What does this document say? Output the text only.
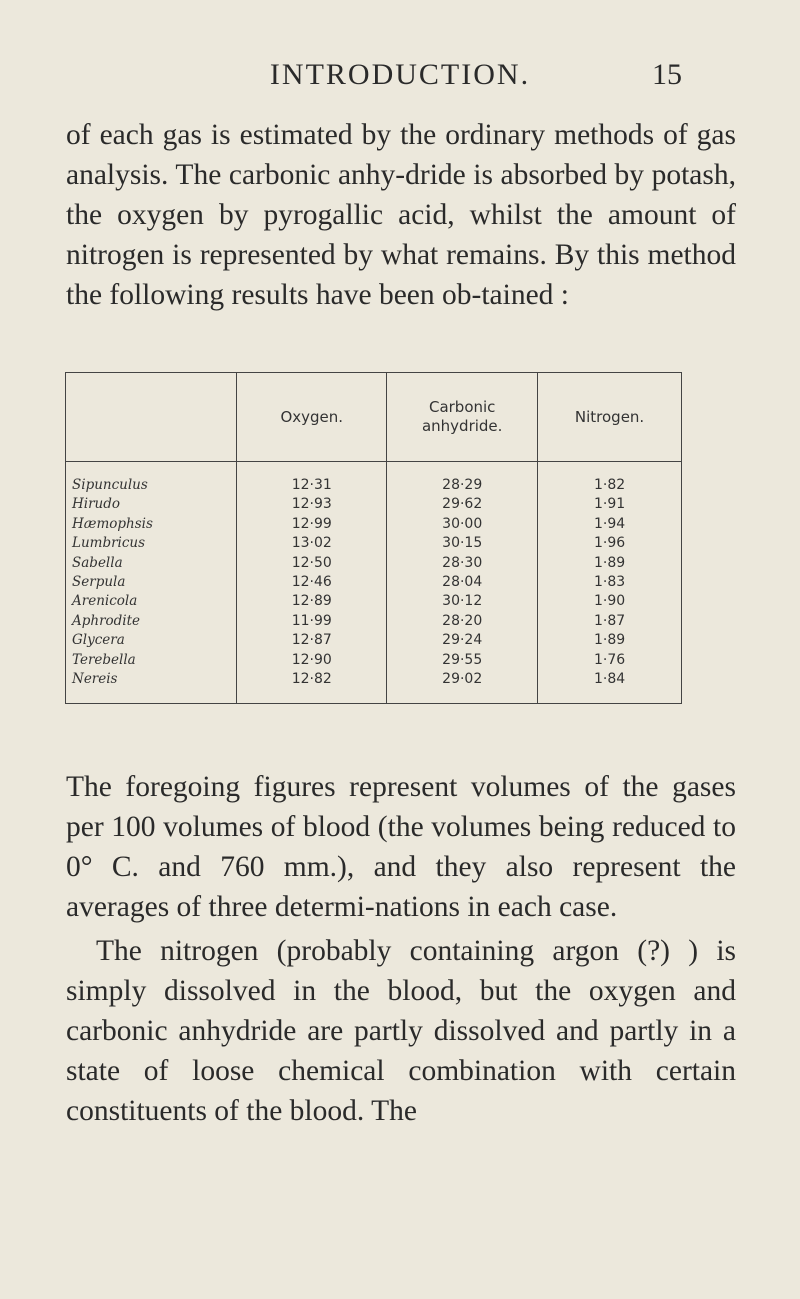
INTRODUCTION.	15

of each gas is estimated by the ordinary methods of gas analysis. The carbonic anhy-dride is absorbed by potash, the oxygen by pyrogallic acid, whilst the amount of nitrogen is represented by what remains. By this method the following results have been ob-tained :

	Oxygen.	Carbonic anhydride.	Nitrogen.
Sipunculus	12·31	28·29	1·82
Hirudo	12·93	29·62	1·91
Hæmophsis	12·99	30·00	1·94
Lumbricus	13·02	30·15	1·96
Sabella	12·50	28·30	1·89
Serpula	12·46	28·04	1·83
Arenicola	12·89	30·12	1·90
Aphrodite	11·99	28·20	1·87
Glycera	12·87	29·24	1·89
Terebella	12·90	29·55	1·76
Nereis	12·82	29·02	1·84

The foregoing figures represent volumes of the gases per 100 volumes of blood (the volumes being reduced to 0° C. and 760 mm.), and they also represent the averages of three determi-nations in each case.

The nitrogen (probably containing argon (?) ) is simply dissolved in the blood, but the oxygen and carbonic anhydride are partly dissolved and partly in a state of loose chemical combination with certain constituents of the blood. The
